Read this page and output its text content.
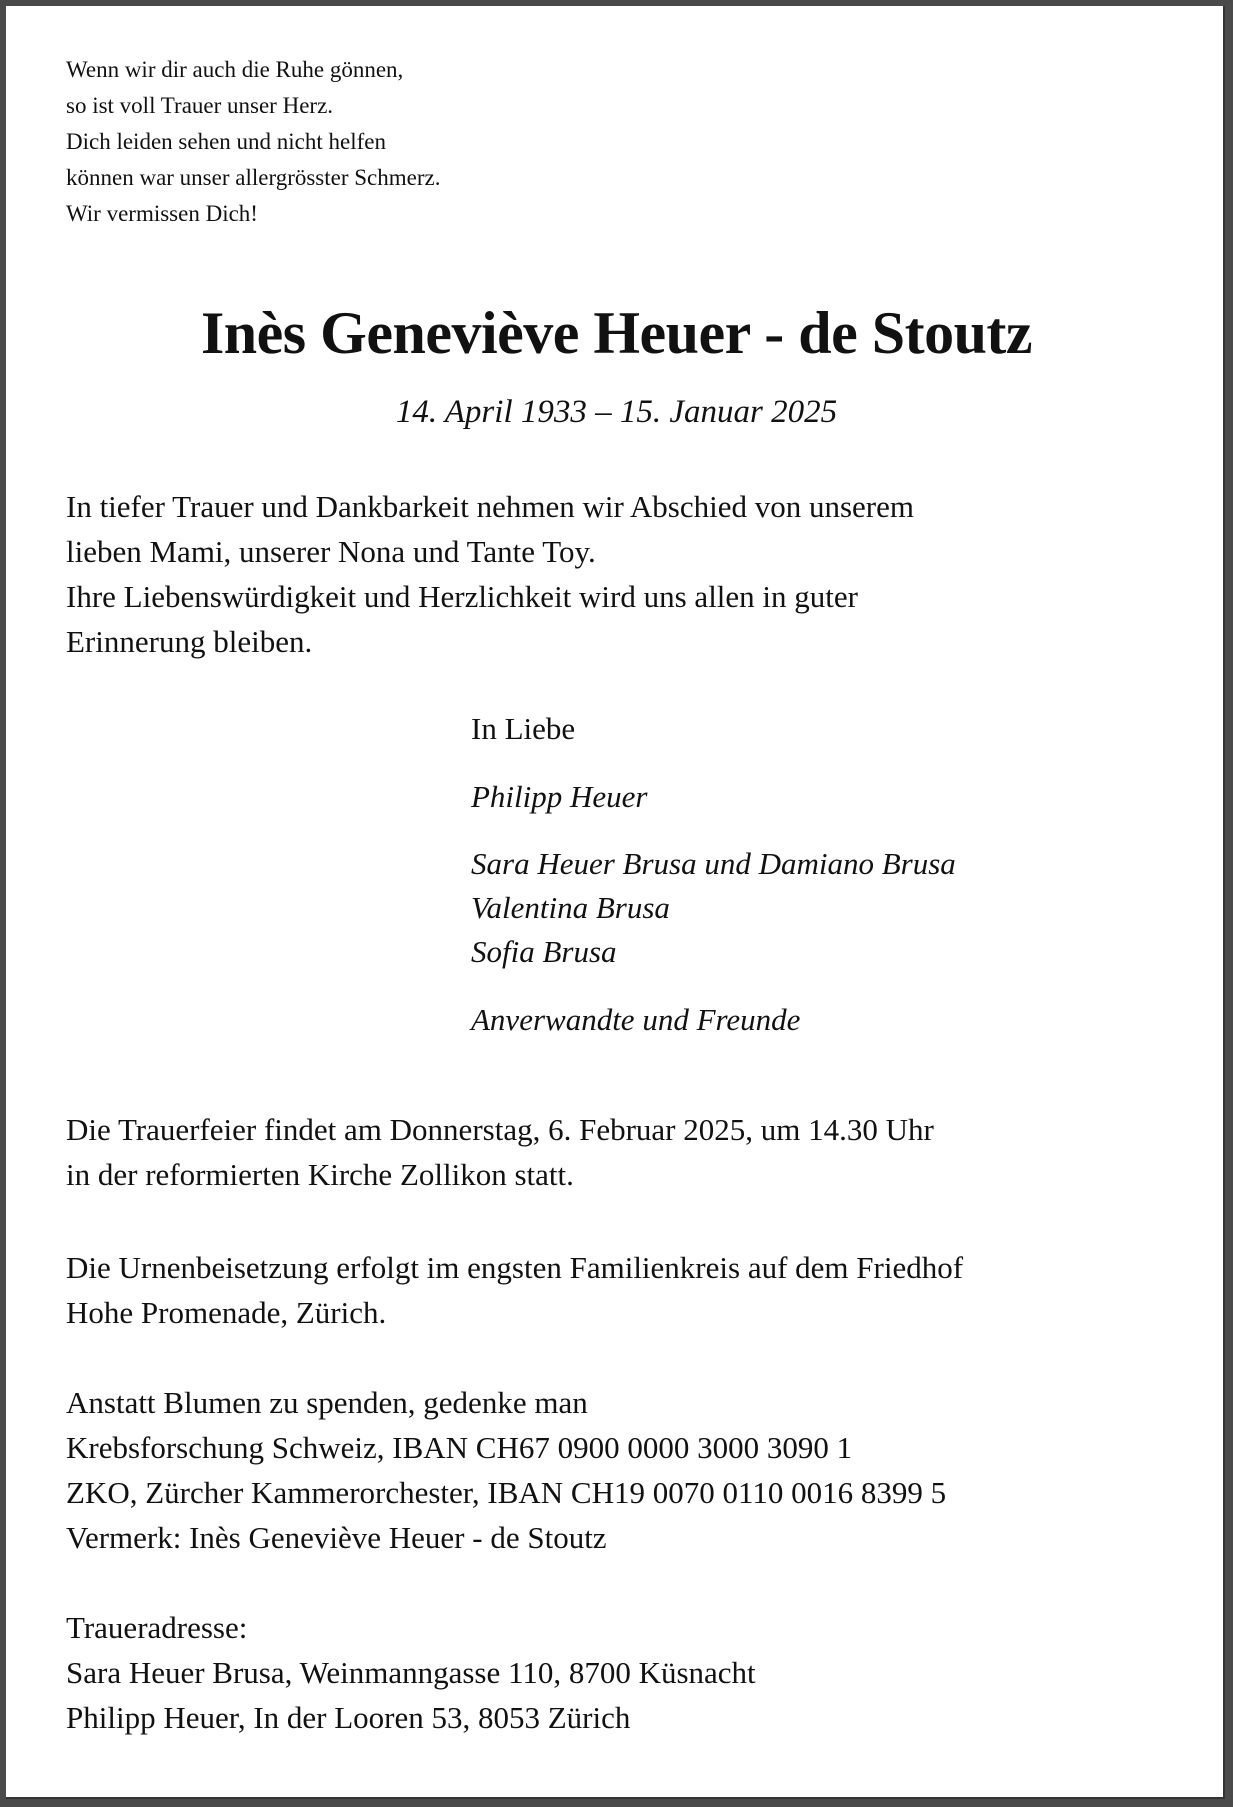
Wenn wir dir auch die Ruhe gönnen,
so ist voll Trauer unser Herz.
Dich leiden sehen und nicht helfen
können war unser allergrösster Schmerz.
Wir vermissen Dich!
Inès Geneviève Heuer - de Stoutz
14. April 1933 – 15. Januar 2025
In tiefer Trauer und Dankbarkeit nehmen wir Abschied von unserem
lieben Mami, unserer Nona und Tante Toy.
Ihre Liebenswürdigkeit und Herzlichkeit wird uns allen in guter
Erinnerung bleiben.
In Liebe
Philipp Heuer
Sara Heuer Brusa und Damiano Brusa
Valentina Brusa
Sofia Brusa
Anverwandte und Freunde
Die Trauerfeier findet am Donnerstag, 6. Februar 2025, um 14.30 Uhr
in der reformierten Kirche Zollikon statt.
Die Urnenbeisetzung erfolgt im engsten Familienkreis auf dem Friedhof
Hohe Promenade, Zürich.
Anstatt Blumen zu spenden, gedenke man
Krebsforschung Schweiz, IBAN CH67 0900 0000 3000 3090 1
ZKO, Zürcher Kammerorchester, IBAN CH19 0070 0110 0016 8399 5
Vermerk: Inès Geneviève Heuer - de Stoutz
Traueradresse:
Sara Heuer Brusa, Weinmanngasse 110, 8700 Küsnacht
Philipp Heuer, In der Looren 53, 8053 Zürich
